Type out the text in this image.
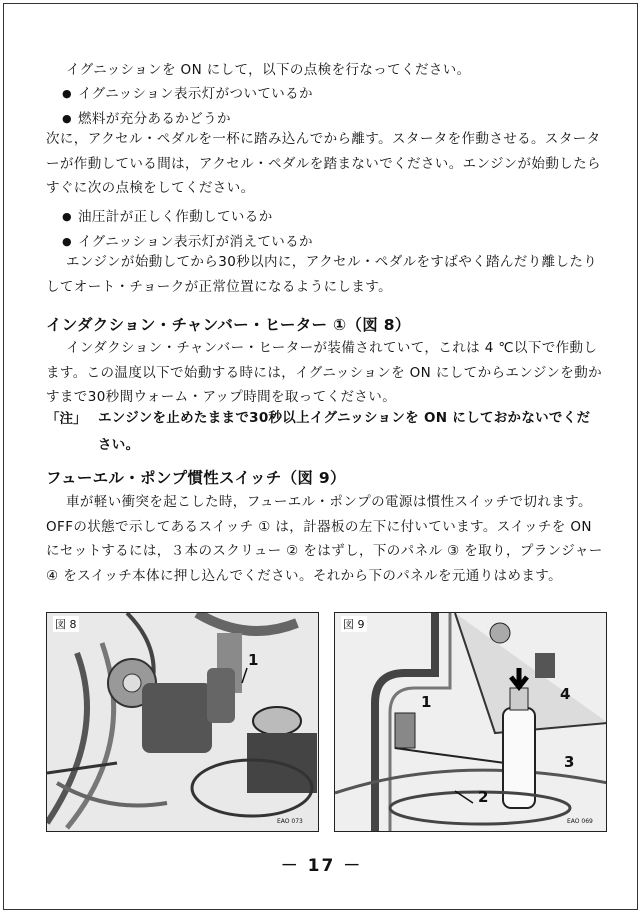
イグニッションを ON にして，以下の点検を行なってください。

● イグニッション表示灯がついているか

● 燃料が充分あるかどうか

次に，アクセル・ペダルを一杯に踏み込んでから離す。スタータを作動させる。スターターが作動している間は，アクセル・ペダルを踏まないでください。エンジンが始動したらすぐに次の点検をしてください。

● 油圧計が正しく作動しているか

● イグニッション表示灯が消えているか

エンジンが始動してから30秒以内に，アクセル・ペダルをすばやく踏んだり離したりしてオート・チョークが正常位置になるようにします。

インダクション・チャンバー・ヒーター ①（図 8）

インダクション・チャンバー・ヒーターが装備されていて，これは 4 ℃以下で作動します。この温度以下で始動する時には，イグニッションを ON にしてからエンジンを動かすまで30秒間ウォーム・アップ時間を取ってください。

「注」 エンジンを止めたままで30秒以上イグニッションを ON にしておかないでください。

フューエル・ポンプ慣性スイッチ（図 9）

車が軽い衝突を起こした時，フューエル・ポンプの電源は慣性スイッチで切れます。OFFの状態で示してあるスイッチ ① は，計器板の左下に付いています。スイッチを ON にセットするには，３本のスクリュー ② をはずし，下のパネル ③ を取り，プランジャー ④ をスイッチ本体に押し込んでください。それから下のパネルを元通りはめます。

図 8
1
EAO 073
図 9
1
2
3
4
EAO 069

－ 17 －
